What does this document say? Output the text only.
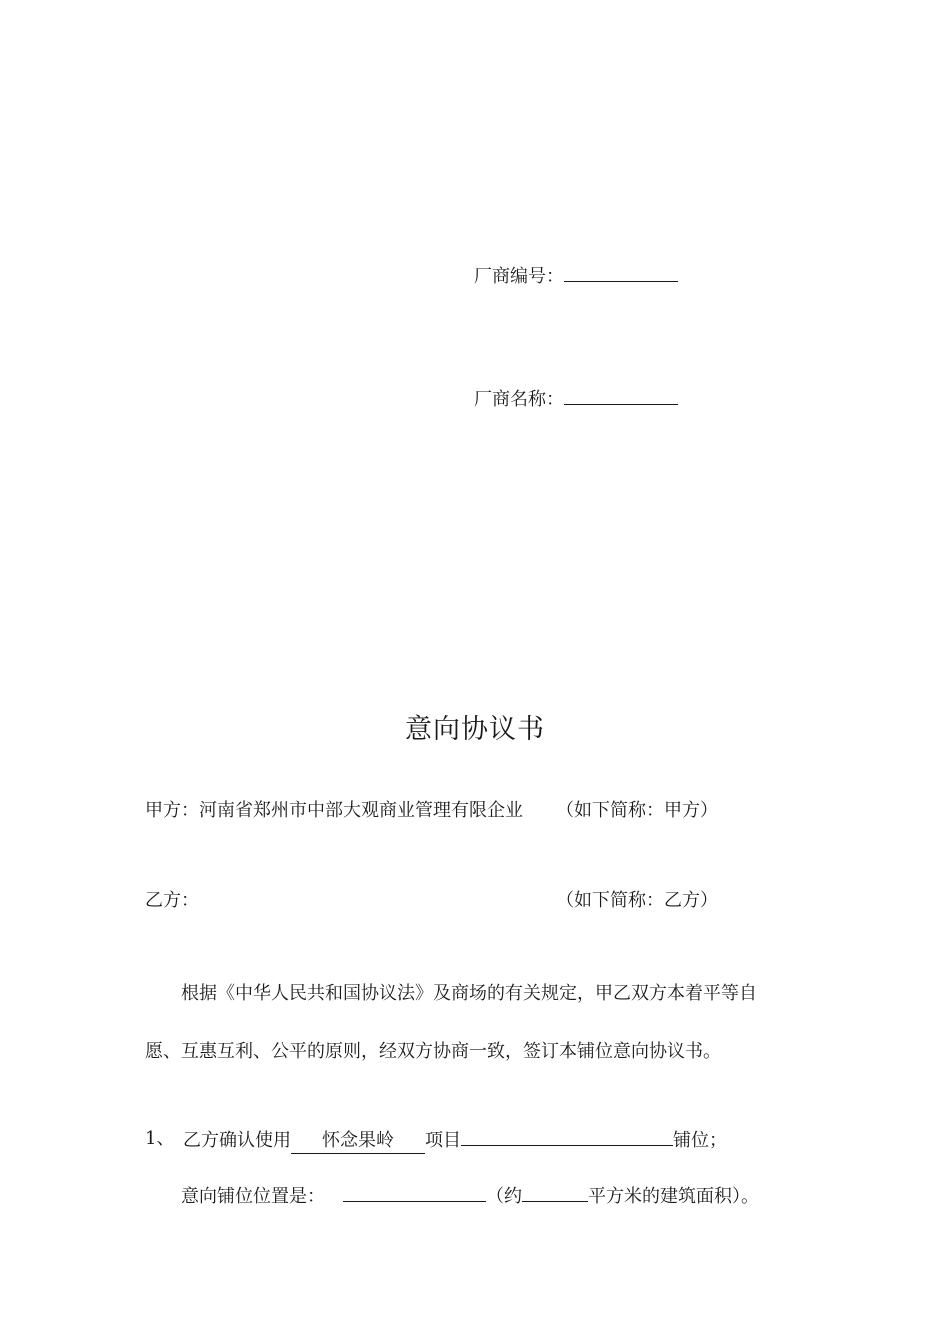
厂商编号：
厂商名称：
意向协议书
甲方：河南省郑州市中部大观商业管理有限企业 （如下简称：甲方）
乙方：	（如下简称：乙方）
根据《中华人民共和国协议法》及商场的有关规定，甲乙双方本着平等自
愿、互惠互利、公平的原则，经双方协商一致，签订本铺位意向协议书。
1、 乙方确认使用 怀念果岭 项目	铺位；
意向铺位位置是：	（约	平方米的建筑面积）。
